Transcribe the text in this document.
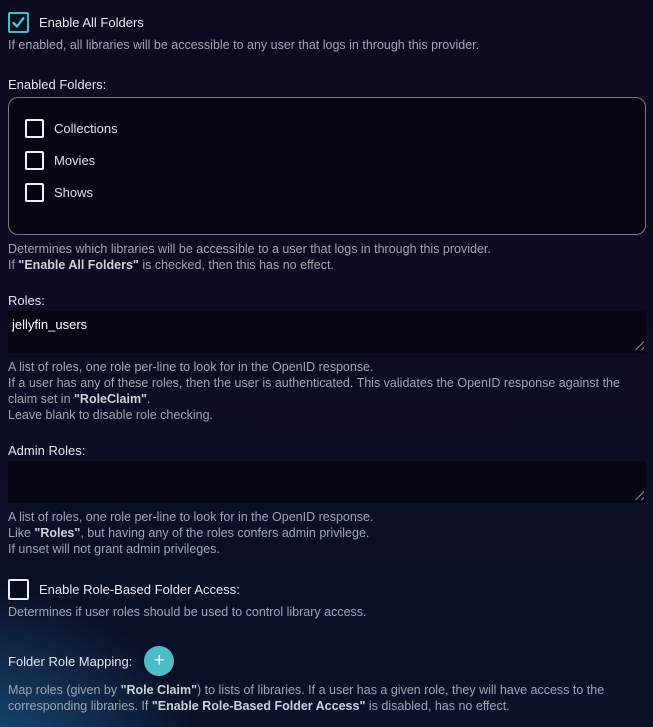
Enable All Folders
If enabled, all libraries will be accessible to any user that logs in through this provider.
Enabled Folders:
Collections
Movies
Shows
Determines which libraries will be accessible to a user that logs in through this provider.
If "Enable All Folders" is checked, then this has no effect.
Roles:
jellyfin_users
A list of roles, one role per-line to look for in the OpenID response.
If a user has any of these roles, then the user is authenticated. This validates the OpenID response against the claim set in "RoleClaim".
Leave blank to disable role checking.
Admin Roles:
A list of roles, one role per-line to look for in the OpenID response.
Like "Roles", but having any of the roles confers admin privilege.
If unset will not grant admin privileges.
Enable Role-Based Folder Access:
Determines if user roles should be used to control library access.
Folder Role Mapping: +
Map roles (given by "Role Claim") to lists of libraries. If a user has a given role, they will have access to the corresponding libraries. If "Enable Role-Based Folder Access" is disabled, has no effect.
